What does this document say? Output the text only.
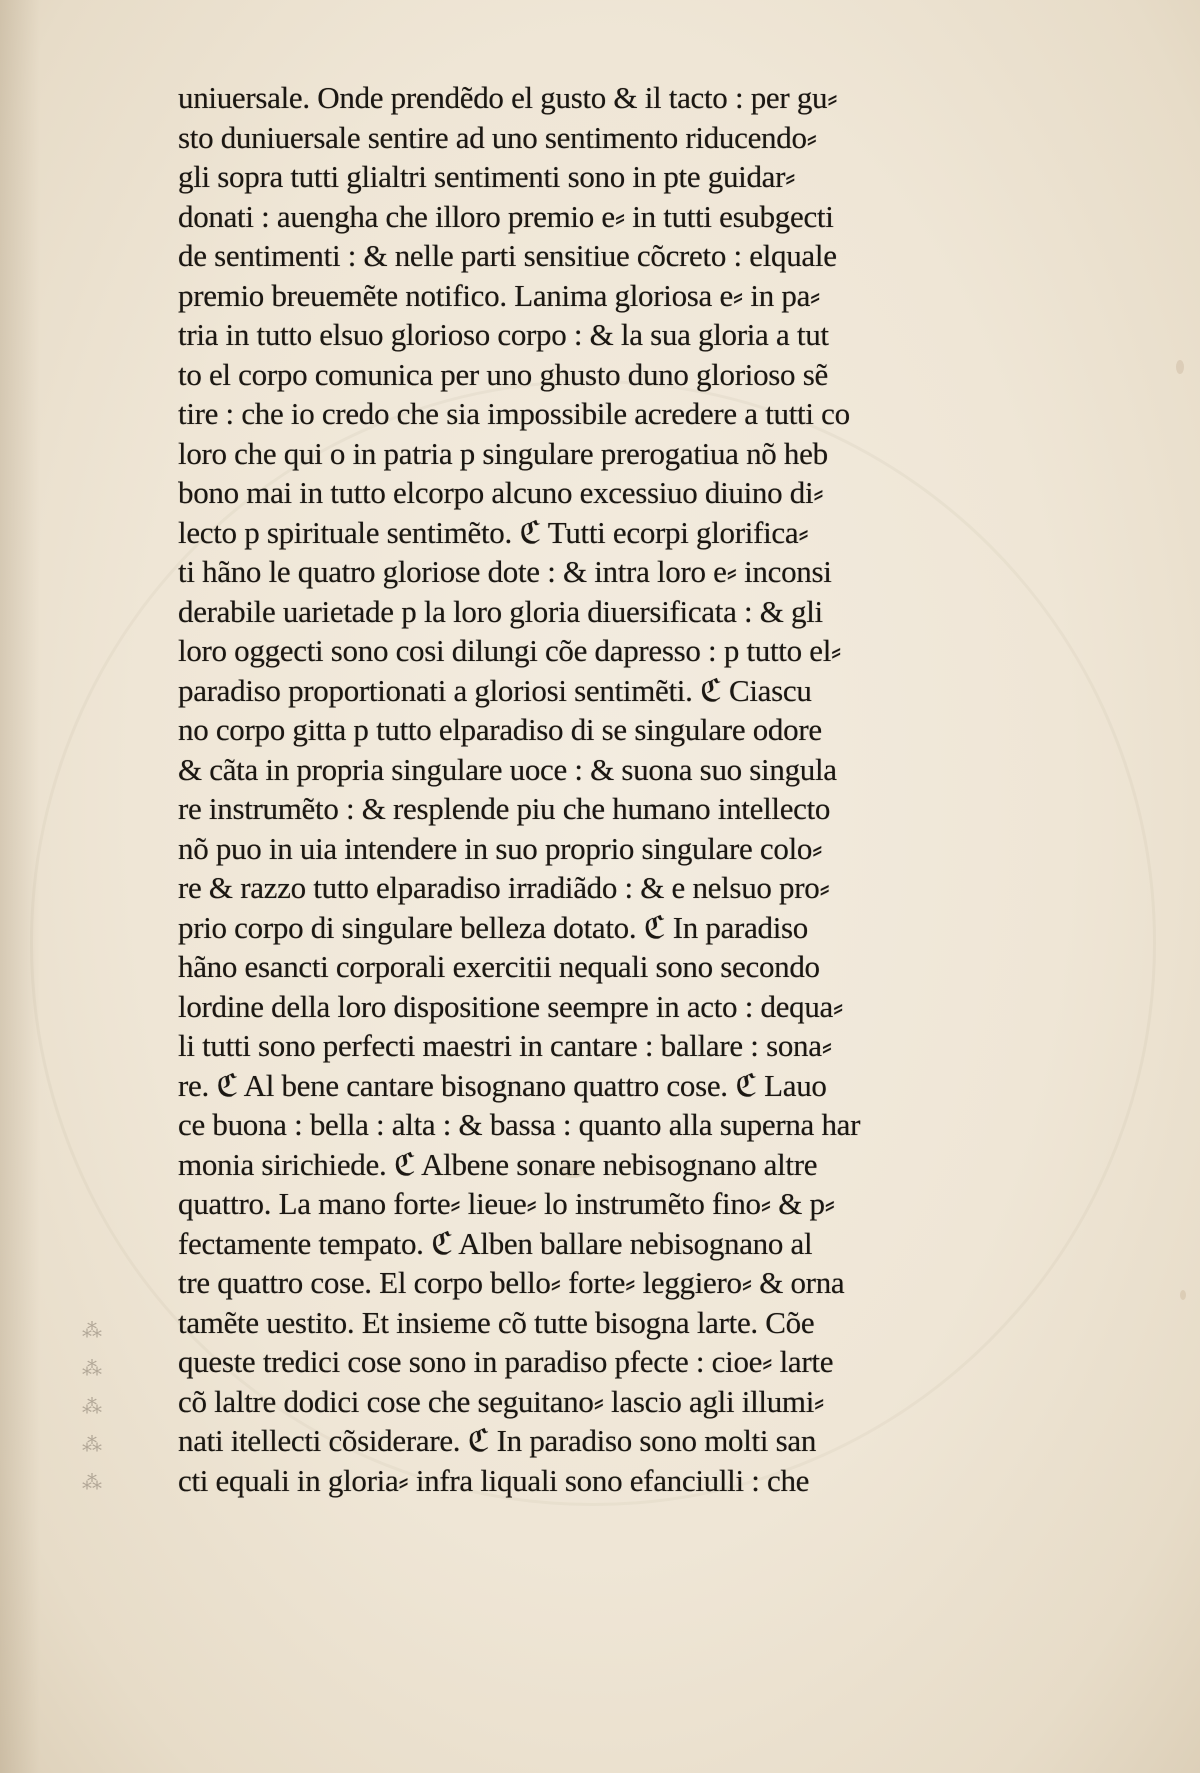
uniuersale. Onde prendẽdo el gusto & il tacto : per gu⸗
sto duniuersale sentire ad uno sentimento riducendo⸗
gli sopra tutti glialtri sentimenti sono in pte guidar⸗
donati : auengha che illoro premio e⸗ in tutti esubgecti
de sentimenti : & nelle parti sensitiue cõcreto : elquale
premio breuemẽte notifico. Lanima gloriosa e⸗ in pa⸗
tria in tutto elsuo glorioso corpo : & la sua gloria a tut
to el corpo comunica per uno ghusto duno glorioso sẽ
tire : che io credo che sia impossibile acredere a tutti co
loro che qui o in patria p singulare prerogatiua nõ heb
bono mai in tutto elcorpo alcuno excessiuo diuino di⸗
lecto p spirituale sentimẽto. ℭ Tutti ecorpi glorifica⸗
ti hãno le quatro gloriose dote : & intra loro e⸗ inconsi
derabile uarietade p la loro gloria diuersificata : & gli
loro oggecti sono cosi dilungi cõe dapresso : p tutto el⸗
paradiso proportionati a gloriosi sentimẽti. ℭ Ciascu
no corpo gitta p tutto elparadiso di se singulare odore
& cãta in propria singulare uoce : & suona suo singula
re instrumẽto : & resplende piu che humano intellecto
nõ puo in uia intendere in suo proprio singulare colo⸗
re & razzo tutto elparadiso irradiãdo : & e nelsuo pro⸗
prio corpo di singulare belleza dotato. ℭ In paradiso
hãno esancti corporali exercitii nequali sono secondo
lordine della loro dispositione seempre in acto : dequa⸗
li tutti sono perfecti maestri in cantare : ballare : sona⸗
re. ℭ Al bene cantare bisognano quattro cose. ℭ Lauo
ce buona : bella : alta : & bassa : quanto alla superna har
monia sirichiede. ℭ Albene sonare nebisognano altre
quattro. La mano forte⸗ lieue⸗ lo instrumẽto fino⸗ & p⸗
fectamente tempato. ℭ Alben ballare nebisognano al
tre quattro cose. El corpo bello⸗ forte⸗ leggiero⸗ & orna
tamẽte uestito. Et insieme cõ tutte bisogna larte. Cõe
queste tredici cose sono in paradiso pfecte : cioe⸗ larte
cõ laltre dodici cose che seguitano⸗ lascio agli illumi⸗
nati itellecti cõsiderare. ℭ In paradiso sono molti san
cti equali in gloria⸗ infra liquali sono efanciulli : che
⁂
⁂
⁂
⁂
⁂
